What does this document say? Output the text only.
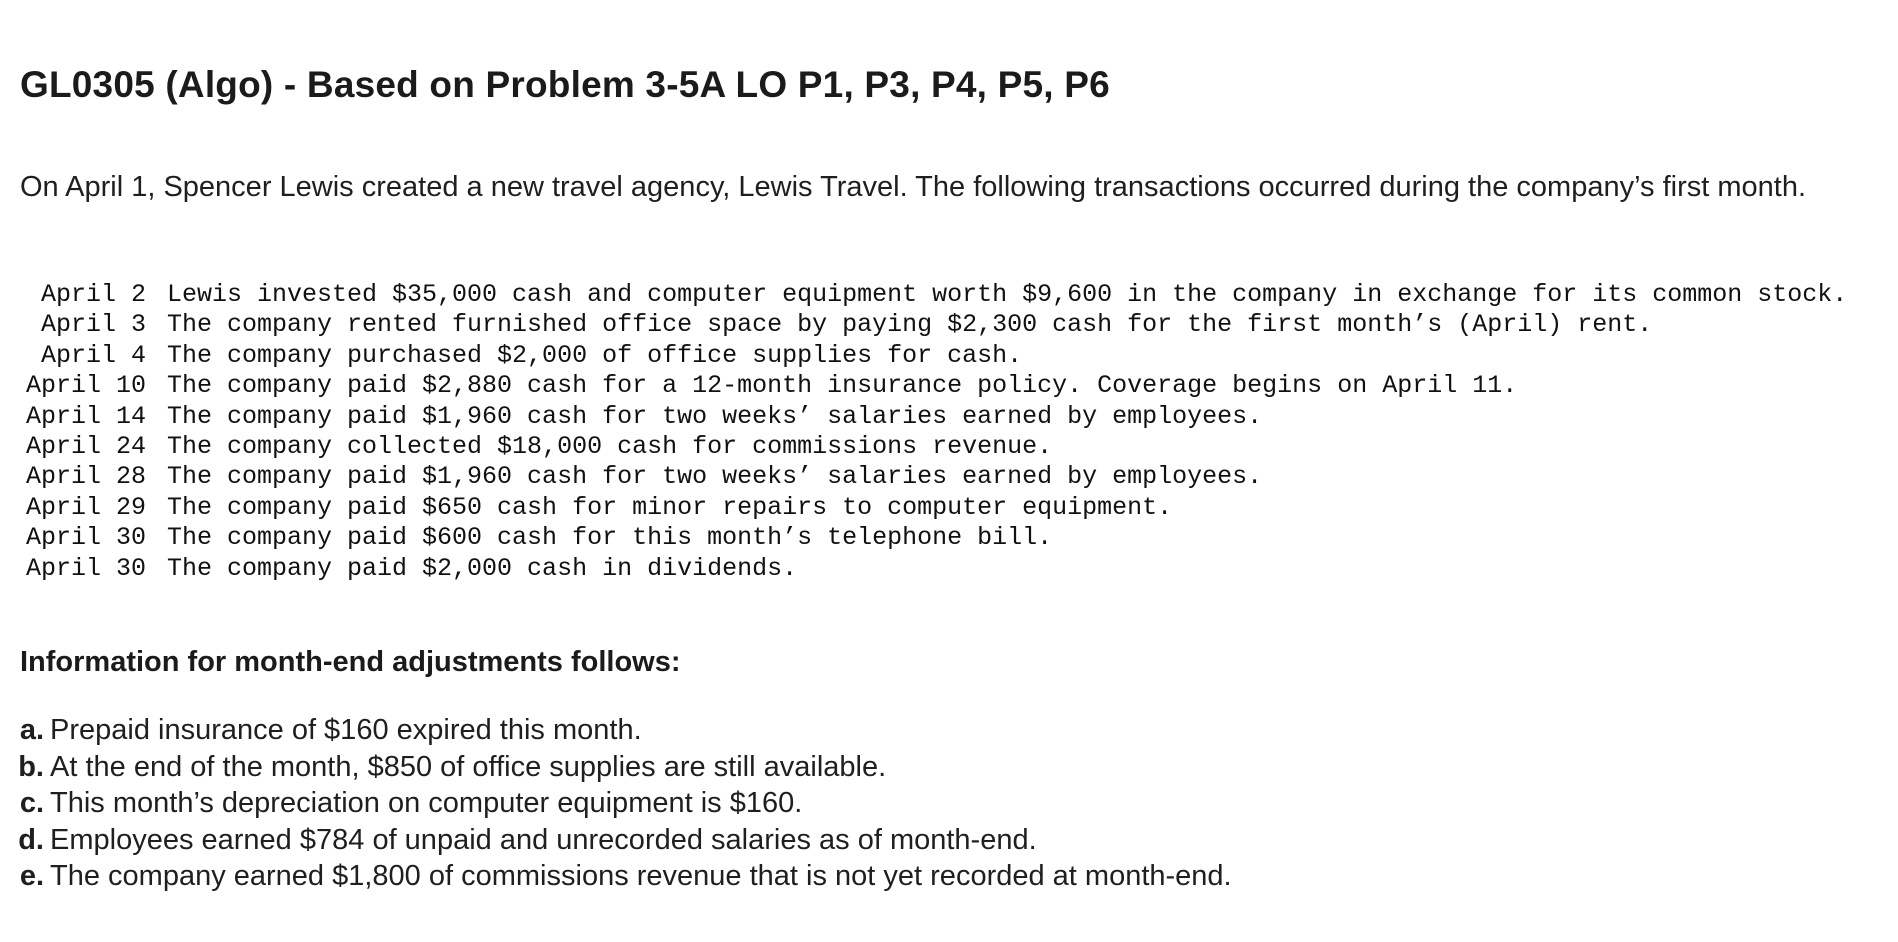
GL0305 (Algo) - Based on Problem 3-5A LO P1, P3, P4, P5, P6

On April 1, Spencer Lewis created a new travel agency, Lewis Travel. The following transactions occurred during the company’s first month.

April 2 Lewis invested $35,000 cash and computer equipment worth $9,600 in the company in exchange for its common stock.
April 3 The company rented furnished office space by paying $2,300 cash for the first month’s (April) rent.
April 4 The company purchased $2,000 of office supplies for cash.
April 10 The company paid $2,880 cash for a 12-month insurance policy. Coverage begins on April 11.
April 14 The company paid $1,960 cash for two weeks’ salaries earned by employees.
April 24 The company collected $18,000 cash for commissions revenue.
April 28 The company paid $1,960 cash for two weeks’ salaries earned by employees.
April 29 The company paid $650 cash for minor repairs to computer equipment.
April 30 The company paid $600 cash for this month’s telephone bill.
April 30 The company paid $2,000 cash in dividends.
Information for month-end adjustments follows:
a. Prepaid insurance of $160 expired this month.
b. At the end of the month, $850 of office supplies are still available.
c. This month’s depreciation on computer equipment is $160.
d. Employees earned $784 of unpaid and unrecorded salaries as of month-end.
e. The company earned $1,800 of commissions revenue that is not yet recorded at month-end.
